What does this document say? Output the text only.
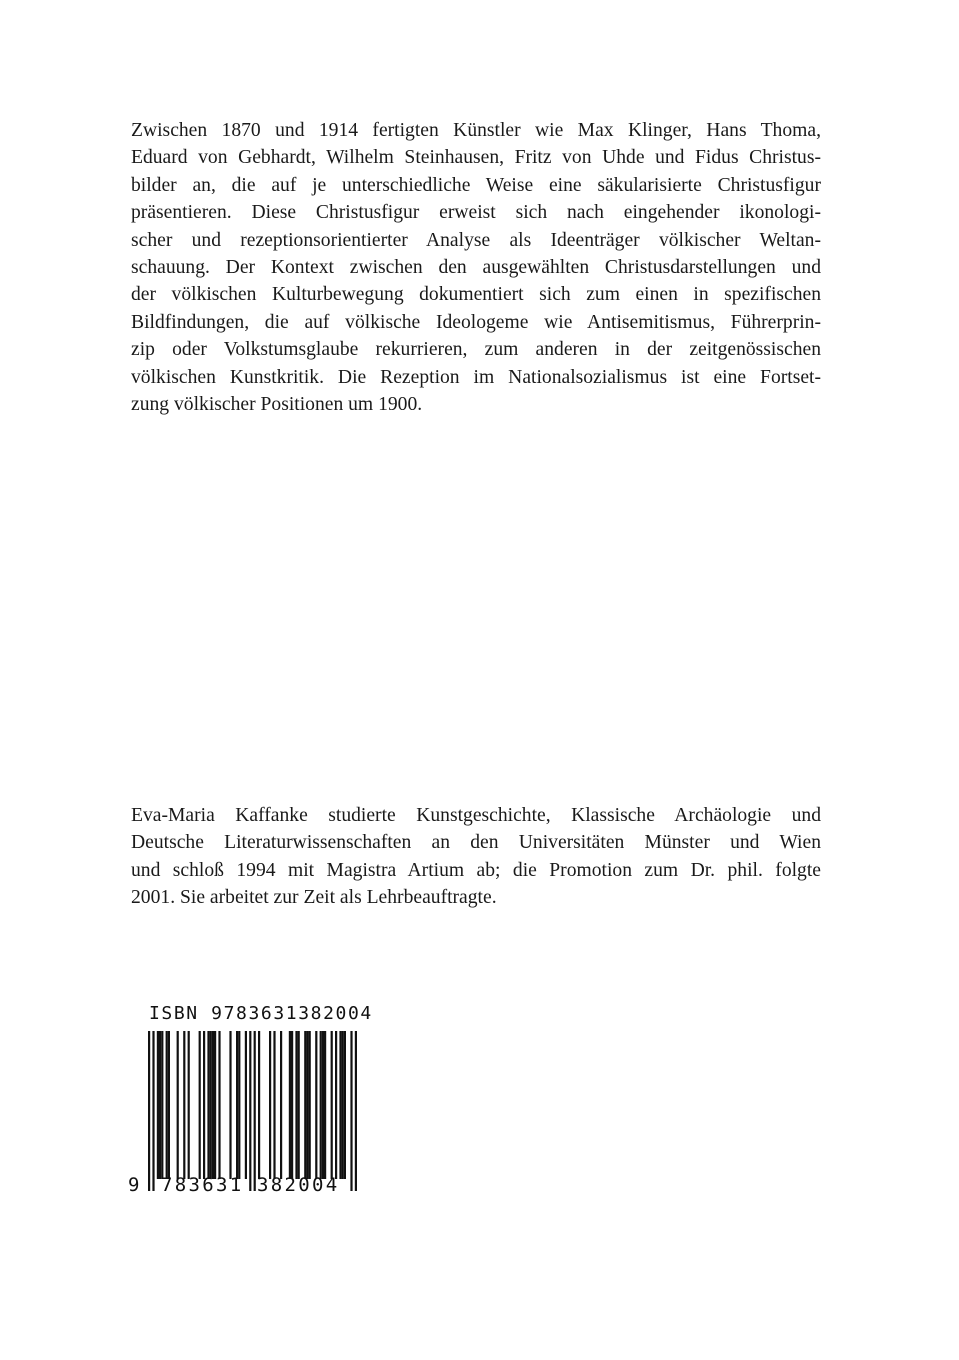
Zwischen 1870 und 1914 fertigten Künstler wie Max Klinger, Hans Thoma,
Eduard von Gebhardt, Wilhelm Steinhausen, Fritz von Uhde und Fidus Christus-
bilder an, die auf je unterschiedliche Weise eine säkularisierte Christusfigur
präsentieren. Diese Christusfigur erweist sich nach eingehender ikonologi-
scher und rezeptionsorientierter Analyse als Ideenträger völkischer Weltan-
schauung. Der Kontext zwischen den ausgewählten Christusdarstellungen und
der völkischen Kulturbewegung dokumentiert sich zum einen in spezifischen
Bildfindungen, die auf völkische Ideologeme wie Antisemitismus, Führerprin-
zip oder Volkstumsglaube rekurrieren, zum anderen in der zeitgenössischen
völkischen Kunstkritik. Die Rezeption im Nationalsozialismus ist eine Fortset-
zung völkischer Positionen um 1900.
Eva-Maria Kaffanke studierte Kunstgeschichte, Klassische Archäologie und
Deutsche Literaturwissenschaften an den Universitäten Münster und Wien
und schloß 1994 mit Magistra Artium ab; die Promotion zum Dr. phil. folgte
2001. Sie arbeitet zur Zeit als Lehrbeauftragte.
ISBN 9783631382004
9 783631 382004
